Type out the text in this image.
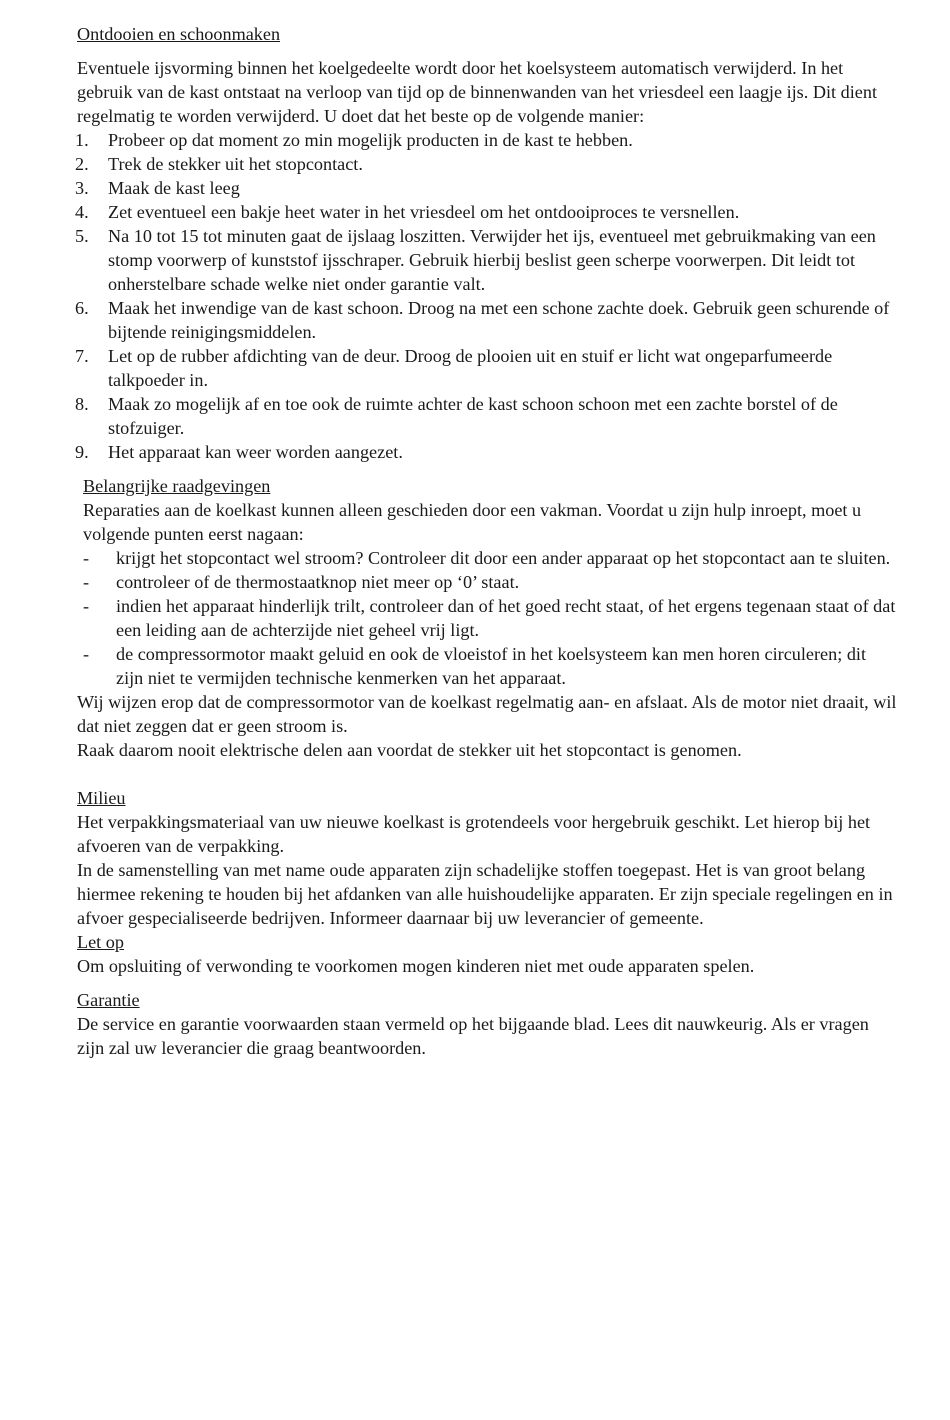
Ontdooien en schoonmaken

Eventuele ijsvorming binnen het koelgedeelte wordt door het koelsysteem automatisch verwijderd. In het gebruik van de kast ontstaat na verloop van tijd op de binnenwanden van het vriesdeel een laagje ijs. Dit dient regelmatig te worden verwijderd. U doet dat het beste op de volgende manier:

1. Probeer op dat moment zo min mogelijk producten in de kast te hebben.
2. Trek de stekker uit het stopcontact.
3. Maak de kast leeg
4. Zet eventueel een bakje heet water in het vriesdeel om het ontdooiproces te versnellen.
5. Na 10 tot 15 tot minuten gaat de ijslaag loszitten. Verwijder het ijs, eventueel met gebruikmaking van een stomp voorwerp of kunststof ijsschraper. Gebruik hierbij beslist geen scherpe voorwerpen. Dit leidt tot onherstelbare schade welke niet onder garantie valt.
6. Maak het inwendige van de kast schoon. Droog na met een schone zachte doek. Gebruik geen schurende of bijtende reinigingsmiddelen.
7. Let op de rubber afdichting van de deur. Droog de plooien uit en stuif er licht wat ongeparfumeerde talkpoeder in.
8. Maak zo mogelijk af en toe ook de ruimte achter de kast schoon schoon met een zachte borstel of de stofzuiger.
9. Het apparaat kan weer worden aangezet.

Belangrijke raadgevingen

Reparaties aan de koelkast kunnen alleen geschieden door een vakman. Voordat u zijn hulp inroept, moet u volgende punten eerst nagaan:

- krijgt het stopcontact wel stroom? Controleer dit door een ander apparaat op het stopcontact aan te sluiten.
- controleer of de thermostaatknop niet meer op ‘0’ staat.
- indien het apparaat hinderlijk trilt, controleer dan of het goed recht staat, of het ergens tegenaan staat of dat een leiding aan de achterzijde niet geheel vrij ligt.
- de compressormotor maakt geluid en ook de vloeistof in het koelsysteem kan men horen circuleren; dit zijn niet te vermijden technische kenmerken van het apparaat.

Wij wijzen erop dat de compressormotor van de koelkast regelmatig aan- en afslaat. Als de motor niet draait, wil dat niet zeggen dat er geen stroom is.

Raak daarom nooit elektrische delen aan voordat de stekker uit het stopcontact is genomen.

Milieu

Het verpakkingsmateriaal van uw nieuwe koelkast is grotendeels voor hergebruik geschikt. Let hierop bij het afvoeren van de verpakking.

In de samenstelling van met name oude apparaten zijn schadelijke stoffen toegepast. Het is van groot belang hiermee rekening te houden bij het afdanken van alle huishoudelijke apparaten. Er zijn speciale regelingen en in afvoer gespecialiseerde bedrijven. Informeer daarnaar bij uw leverancier of gemeente.

Let op

Om opsluiting of verwonding te voorkomen mogen kinderen niet met oude apparaten spelen.

Garantie

De service en garantie voorwaarden staan vermeld op het bijgaande blad. Lees dit nauwkeurig. Als er vragen zijn zal uw leverancier die graag beantwoorden.
